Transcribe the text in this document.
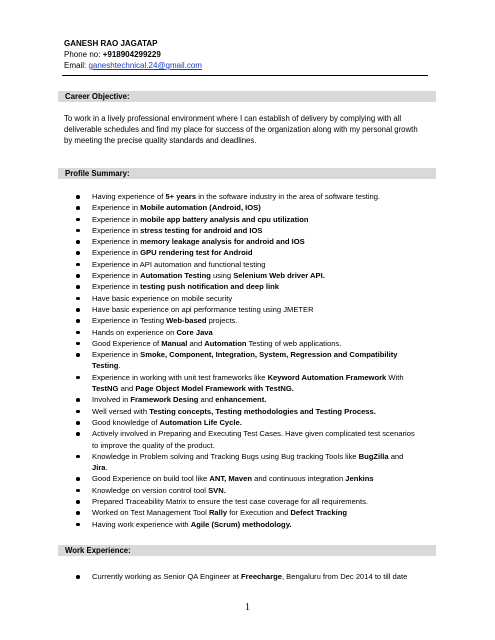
GANESH RAO JAGATAP
Phone no: +918904299229
Email: ganeshtechnical.24@gmail.com
Career Objective:
To work in a lively professional environment where I can establish of delivery by complying with all deliverable schedules and find my place for success of the organization along with my personal growth by meeting the precise quality standards and deadlines.
Profile Summary:
Having experience of 5+ years in the software industry in the area of software testing.
Experience in Mobile automation (Android, IOS)
Experience in mobile app battery analysis and cpu utilization
Experience in stress testing for android and IOS
Experience in memory leakage analysis for android and IOS
Experience in GPU rendering test for Android
Experience in API automation and functional testing
Experience in Automation Testing using Selenium Web driver API.
Experience in testing push notification and deep link
Have basic experience on mobile security
Have basic experience on api performance testing using JMETER
Experience in Testing Web-based projects.
Hands on experience on Core Java
Good Experience of Manual and Automation Testing of web applications.
Experience in Smoke, Component, Integration, System, Regression and Compatibility Testing.
Experience in working with unit test frameworks like Keyword Automation Framework With TestNG and Page Object Model Framework with TestNG.
Involved in Framework Desing and enhancement.
Well versed with Testing concepts, Testing methodologies and Testing Process.
Good knowledge of Automation Life Cycle.
Actively involved in Preparing and Executing Test Cases. Have given complicated test scenarios to improve the quality of the product.
Knowledge in Problem solving and Tracking Bugs using Bug tracking Tools like BugZilla and Jira.
Good Experience on build tool like ANT, Maven and continuous integration Jenkins
Knowledge on version control tool SVN.
Prepared Traceability Matrix to ensure the test case coverage for all requirements.
Worked on Test Management Tool Rally for Execution and Defect Tracking
Having work experience with Agile (Scrum) methodology.
Work Experience:
Currently working as Senior QA Engineer at Freecharge, Bengaluru from Dec 2014 to till date
1
